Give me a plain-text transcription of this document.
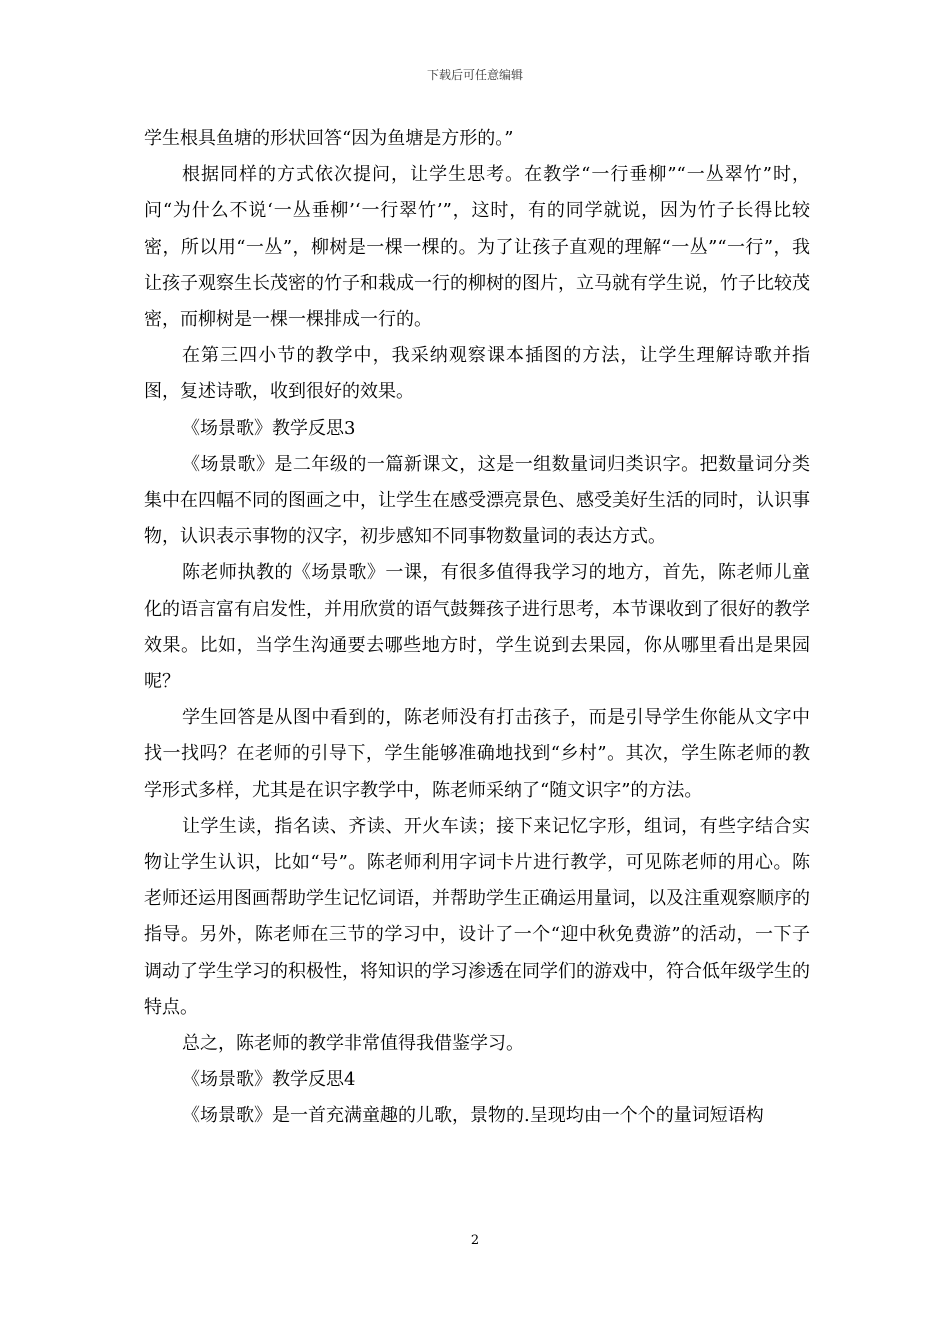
下载后可任意编辑

学生根具鱼塘的形状回答“因为鱼塘是方形的。”

根据同样的方式依次提问，让学生思考。在教学“一行垂柳”“一丛翠竹”时，问“为什么不说‘一丛垂柳’‘一行翠竹’”，这时，有的同学就说，因为竹子长得比较密，所以用“一丛”，柳树是一棵一棵的。为了让孩子直观的理解“一丛”“一行”，我让孩子观察生长茂密的竹子和栽成一行的柳树的图片，立马就有学生说，竹子比较茂密，而柳树是一棵一棵排成一行的。

在第三四小节的教学中，我采纳观察课本插图的方法，让学生理解诗歌并指图，复述诗歌，收到很好的效果。

《场景歌》教学反思3

《场景歌》是二年级的一篇新课文，这是一组数量词归类识字。把数量词分类集中在四幅不同的图画之中，让学生在感受漂亮景色、感受美好生活的同时，认识事物，认识表示事物的汉字，初步感知不同事物数量词的表达方式。

陈老师执教的《场景歌》一课，有很多值得我学习的地方，首先，陈老师儿童化的语言富有启发性，并用欣赏的语气鼓舞孩子进行思考，本节课收到了很好的教学效果。比如，当学生沟通要去哪些地方时，学生说到去果园，你从哪里看出是果园呢？

学生回答是从图中看到的，陈老师没有打击孩子，而是引导学生你能从文字中找一找吗？在老师的引导下，学生能够准确地找到“乡村”。其次，学生陈老师的教学形式多样，尤其是在识字教学中，陈老师采纳了“随文识字”的方法。

让学生读，指名读、齐读、开火车读；接下来记忆字形，组词，有些字结合实物让学生认识，比如“号”。陈老师利用字词卡片进行教学，可见陈老师的用心。陈老师还运用图画帮助学生记忆词语，并帮助学生正确运用量词，以及注重观察顺序的指导。另外，陈老师在三节的学习中，设计了一个“迎中秋免费游”的活动，一下子调动了学生学习的积极性，将知识的学习渗透在同学们的游戏中，符合低年级学生的特点。

总之，陈老师的教学非常值得我借鉴学习。

《场景歌》教学反思4

《场景歌》是一首充满童趣的儿歌，景物的.呈现均由一个个的量词短语构

2
